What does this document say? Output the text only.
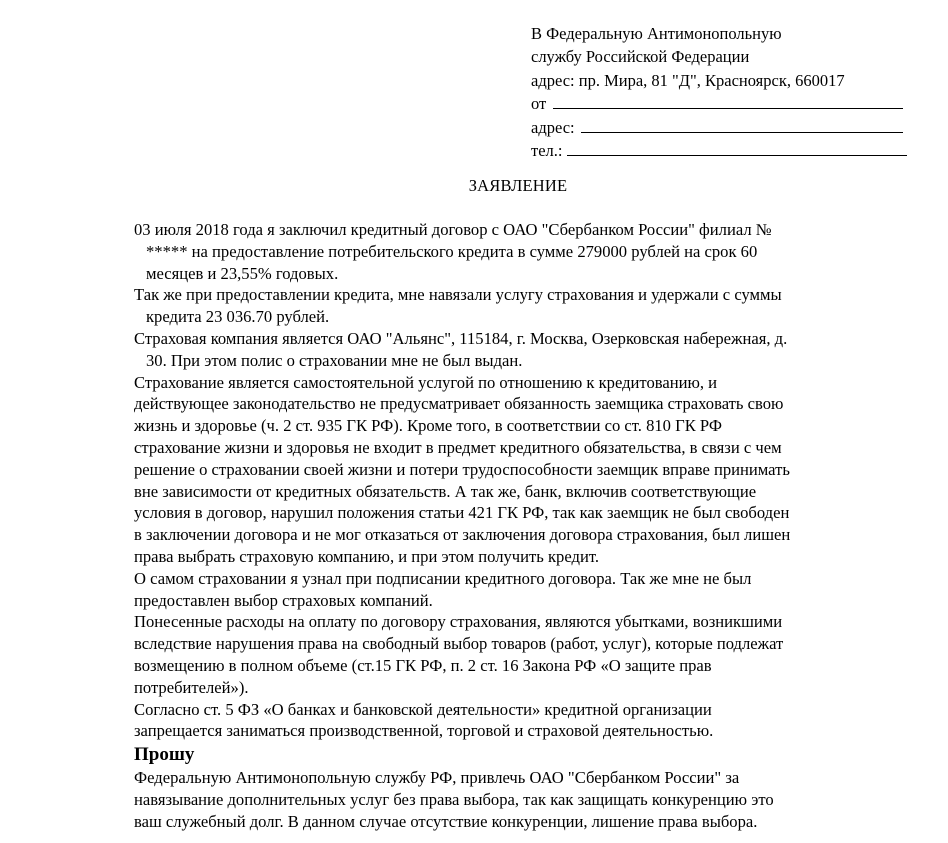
В Федеральную Антимонопольную
службу Российской Федерации
адрес: пр. Мира, 81 "Д", Красноярск, 660017
от
адрес:
тел.:
ЗАЯВЛЕНИЕ
03 июля 2018 года я заключил кредитный договор с ОАО "Сбербанком России" филиал №
***** на предоставление потребительского кредита в сумме 279000 рублей на срок 60
месяцев и 23,55% годовых.
Так же при предоставлении кредита, мне навязали услугу страхования и удержали с суммы
кредита 23 036.70 рублей.
Страховая компания является ОАО "Альянс", 115184, г. Москва, Озерковская набережная, д.
30. При этом полис о страховании мне не был выдан.
Страхование является самостоятельной услугой по отношению к кредитованию, и
действующее законодательство не предусматривает обязанность заемщика страховать свою
жизнь и здоровье (ч. 2 ст. 935 ГК РФ). Кроме того, в соответствии со ст. 810 ГК РФ
страхование жизни и здоровья не входит в предмет кредитного обязательства, в связи с чем
решение о страховании своей жизни и потери трудоспособности заемщик вправе принимать
вне зависимости от кредитных обязательств. А так же, банк, включив соответствующие
условия в договор, нарушил положения статьи 421 ГК РФ, так как заемщик не был свободен
в заключении договора и не мог отказаться от заключения договора страхования, был лишен
права выбрать страховую компанию, и при этом получить кредит.
О самом страховании я узнал при подписании кредитного договора. Так же мне не был
предоставлен выбор страховых компаний.
Понесенные расходы на оплату по договору страхования, являются убытками, возникшими
вследствие нарушения права на свободный выбор товаров (работ, услуг), которые подлежат
возмещению в полном объеме (ст.15 ГК РФ, п. 2 ст. 16 Закона РФ «О защите прав
потребителей»).
Согласно ст. 5 ФЗ «О банках и банковской деятельности» кредитной организации
запрещается заниматься производственной, торговой и страховой деятельностью.
Прошу
Федеральную Антимонопольную службу РФ, привлечь ОАО "Сбербанком России" за
навязывание дополнительных услуг без права выбора, так как защищать конкуренцию это
ваш служебный долг. В данном случае отсутствие конкуренции, лишение права выбора.
